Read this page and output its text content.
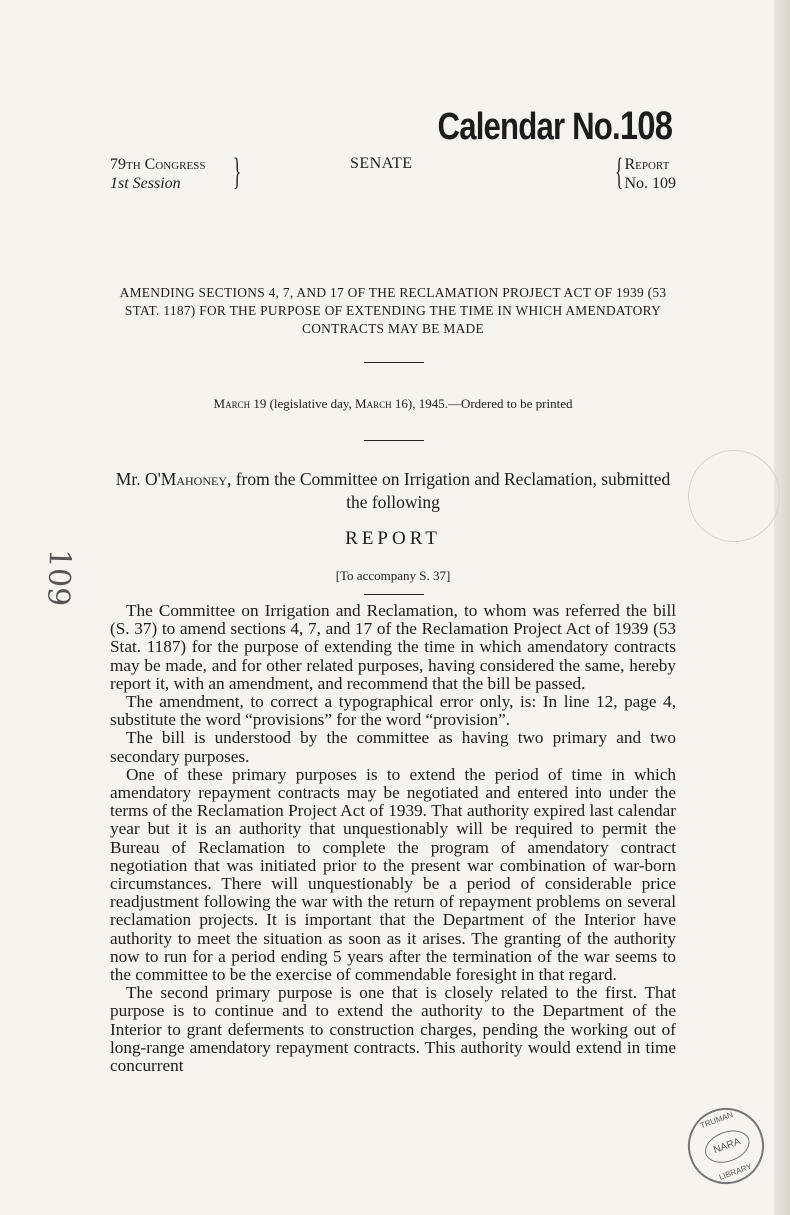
109
Calendar No.108
79th Congress
1st Session	}	SENATE	{ Report
No. 109
AMENDING SECTIONS 4, 7, AND 17 OF THE RECLAMATION PROJECT ACT OF 1939 (53 STAT. 1187) FOR THE PURPOSE OF EXTENDING THE TIME IN WHICH AMENDATORY CONTRACTS MAY BE MADE
March 19 (legislative day, March 16), 1945.—Ordered to be printed
Mr. O'Mahoney, from the Committee on Irrigation and Reclamation, submitted the following
REPORT
[To accompany S. 37]

The Committee on Irrigation and Reclamation, to whom was referred the bill (S. 37) to amend sections 4, 7, and 17 of the Reclamation Project Act of 1939 (53 Stat. 1187) for the purpose of extending the time in which amendatory contracts may be made, and for other related purposes, having considered the same, hereby report it, with an amendment, and recommend that the bill be passed.

The amendment, to correct a typographical error only, is: In line 12, page 4, substitute the word “provisions” for the word “provision”.

The bill is understood by the committee as having two primary and two secondary purposes.

One of these primary purposes is to extend the period of time in which amendatory repayment contracts may be negotiated and entered into under the terms of the Reclamation Project Act of 1939. That authority expired last calendar year but it is an authority that unquestionably will be required to permit the Bureau of Reclamation to complete the program of amendatory contract negotiation that was initiated prior to the present war combination of war-born circumstances. There will unquestionably be a period of considerable price readjustment following the war with the return of repayment problems on several reclamation projects. It is important that the Department of the Interior have authority to meet the situation as soon as it arises. The granting of the authority now to run for a period ending 5 years after the termination of the war seems to the committee to be the exercise of commendable foresight in that regard.

The second primary purpose is one that is closely related to the first. That purpose is to continue and to extend the authority to the Department of the Interior to grant deferments to construction charges, pending the working out of long-range amendatory repayment contracts. This authority would extend in time concurrent

TRUMAN
NARA
LIBRARY
